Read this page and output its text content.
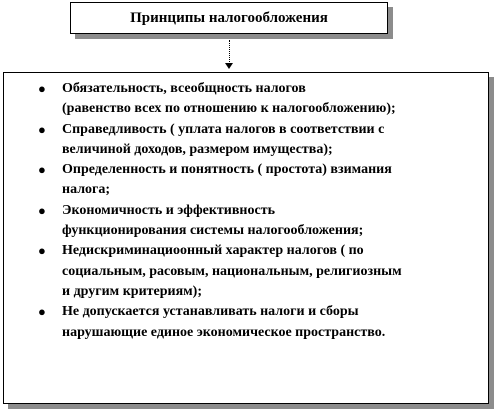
Принципы налогообложения
● Обязательность, всеобщность налогов
(равенство всех по отношению к налогообложению);
● Справедливость ( уплата налогов в соответствии с
величиной доходов, размером имущества);
● Определенность и понятность ( простота) взимания
налога;
● Экономичность и эффективность
функционирования системы налогообложения;
● Недискриминациоонный характер налогов ( по
социальным, расовым, национальным, религиозным
и другим критериям);
● Не допускается устанавливать налоги и сборы
нарушающие единое экономическое пространство.
